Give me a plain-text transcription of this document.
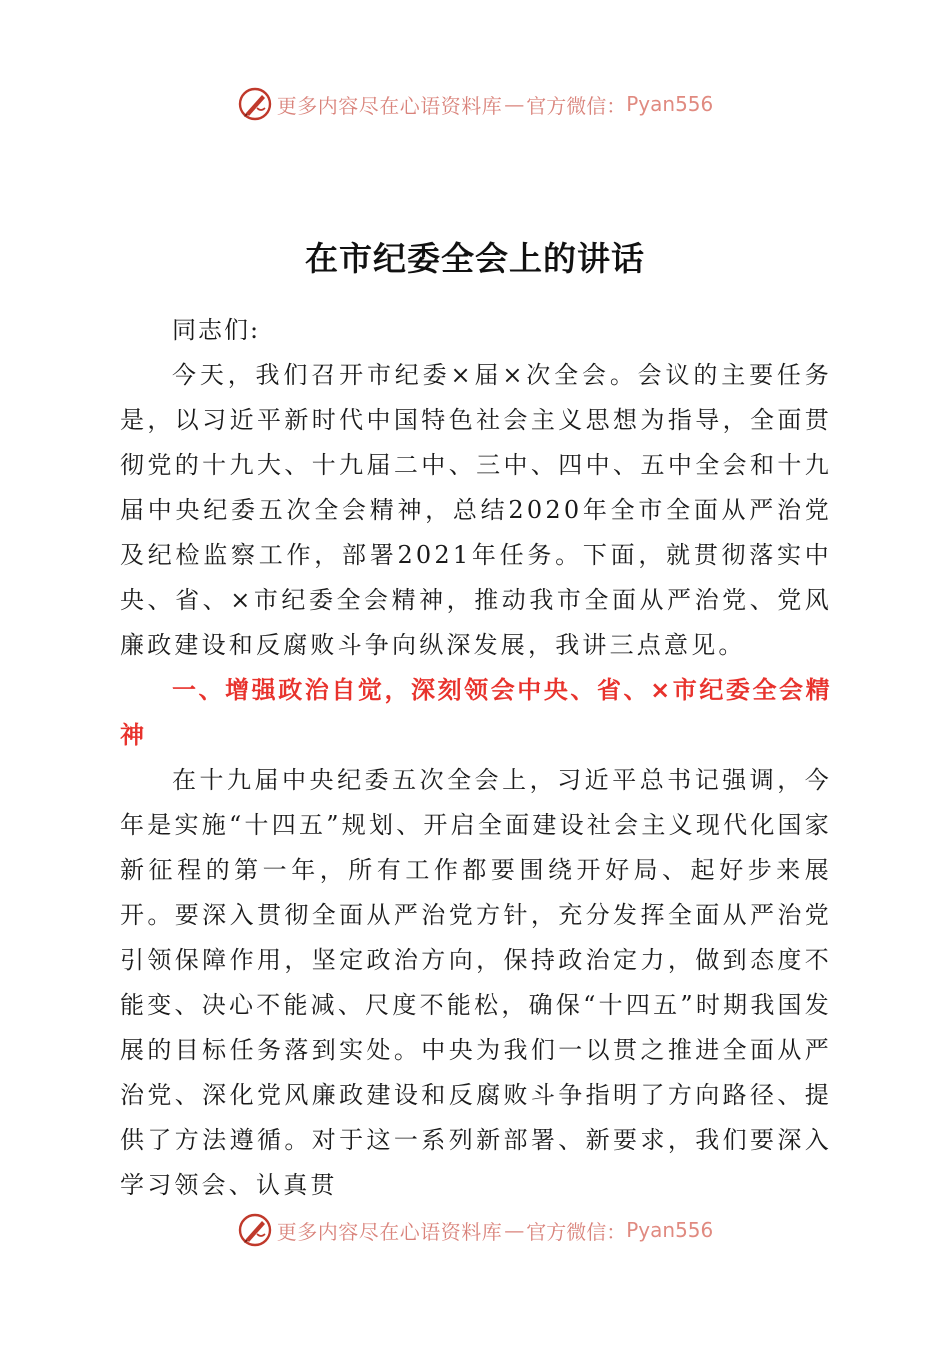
更多内容尽在心语资料库 — 官方微信： Pyan556
在市纪委全会上的讲话

同志们:

今天，我们召开市纪委×届×次全会。会议的主要任务是，以习近平新时代中国特色社会主义思想为指导，全面贯彻党的十九大、十九届二中、三中、四中、五中全会和十九届中央纪委五次全会精神，总结2020年全市全面从严治党及纪检监察工作，部署2021年任务。下面，就贯彻落实中央、省、×市纪委全会精神，推动我市全面从严治党、党风廉政建设和反腐败斗争向纵深发展，我讲三点意见。

一、增强政治自觉，深刻领会中央、省、×市纪委全会精神

在十九届中央纪委五次全会上，习近平总书记强调，今年是实施“十四五”规划、开启全面建设社会主义现代化国家新征程的第一年，所有工作都要围绕开好局、起好步来展开。要深入贯彻全面从严治党方针，充分发挥全面从严治党引领保障作用，坚定政治方向，保持政治定力，做到态度不能变、决心不能减、尺度不能松，确保“十四五”时期我国发展的目标任务落到实处。中央为我们一以贯之推进全面从严治党、深化党风廉政建设和反腐败斗争指明了方向路径、提供了方法遵循。对于这一系列新部署、新要求，我们要深入学习领会、认真贯

更多内容尽在心语资料库 — 官方微信： Pyan556
